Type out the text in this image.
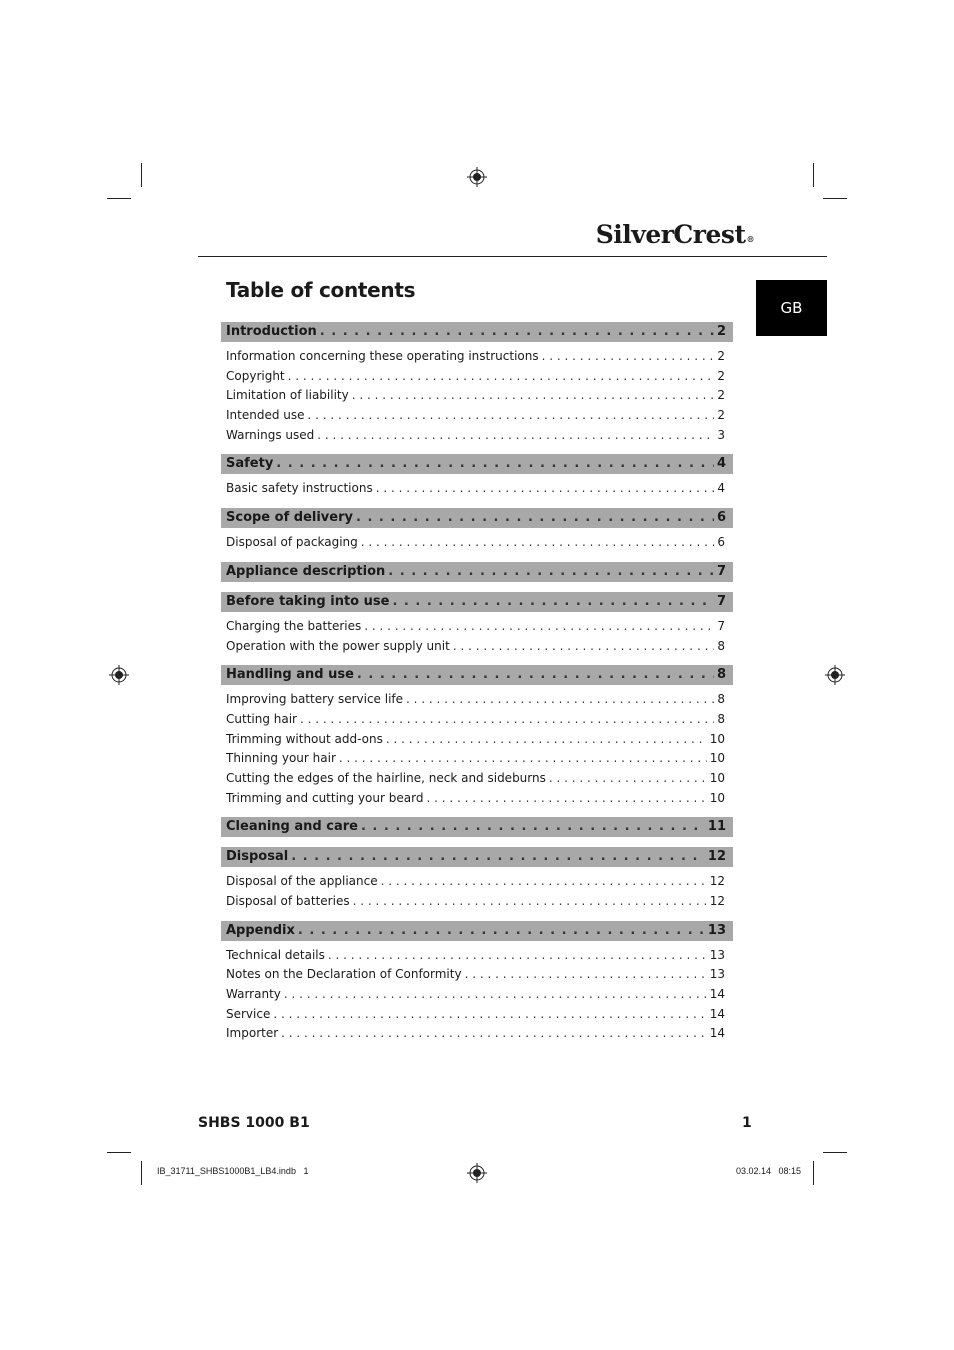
SilverCrest®
Table of contents
GB
Introduction . . .	2
Information concerning these operating instructions . . .	2
Copyright . . .	2
Limitation of liability . . .	2
Intended use . . .	2
Warnings used . . .	3
Safety . . .	4
Basic safety instructions . . .	4
Scope of delivery . . .	6
Disposal of packaging . . .	6
Appliance description . . .	7
Before taking into use . . .	7
Charging the batteries . . .	7
Operation with the power supply unit . . .	8
Handling and use . . .	8
Improving battery service life . . .	8
Cutting hair . . .	8
Trimming without add-ons . . .	10
Thinning your hair . . .	10
Cutting the edges of the hairline, neck and sideburns . . .	10
Trimming and cutting your beard . . .	10
Cleaning and care . . .	11
Disposal . . .	12
Disposal of the appliance . . .	12
Disposal of batteries . . .	12
Appendix . . .	13
Technical details . . .	13
Notes on the Declaration of Conformity . . .	13
Warranty . . .	14
Service . . .	14
Importer . . .	14
SHBS 1000 B1	1
IB_31711_SHBS1000B1_LB4.indb   1	03.02.14   08:15
